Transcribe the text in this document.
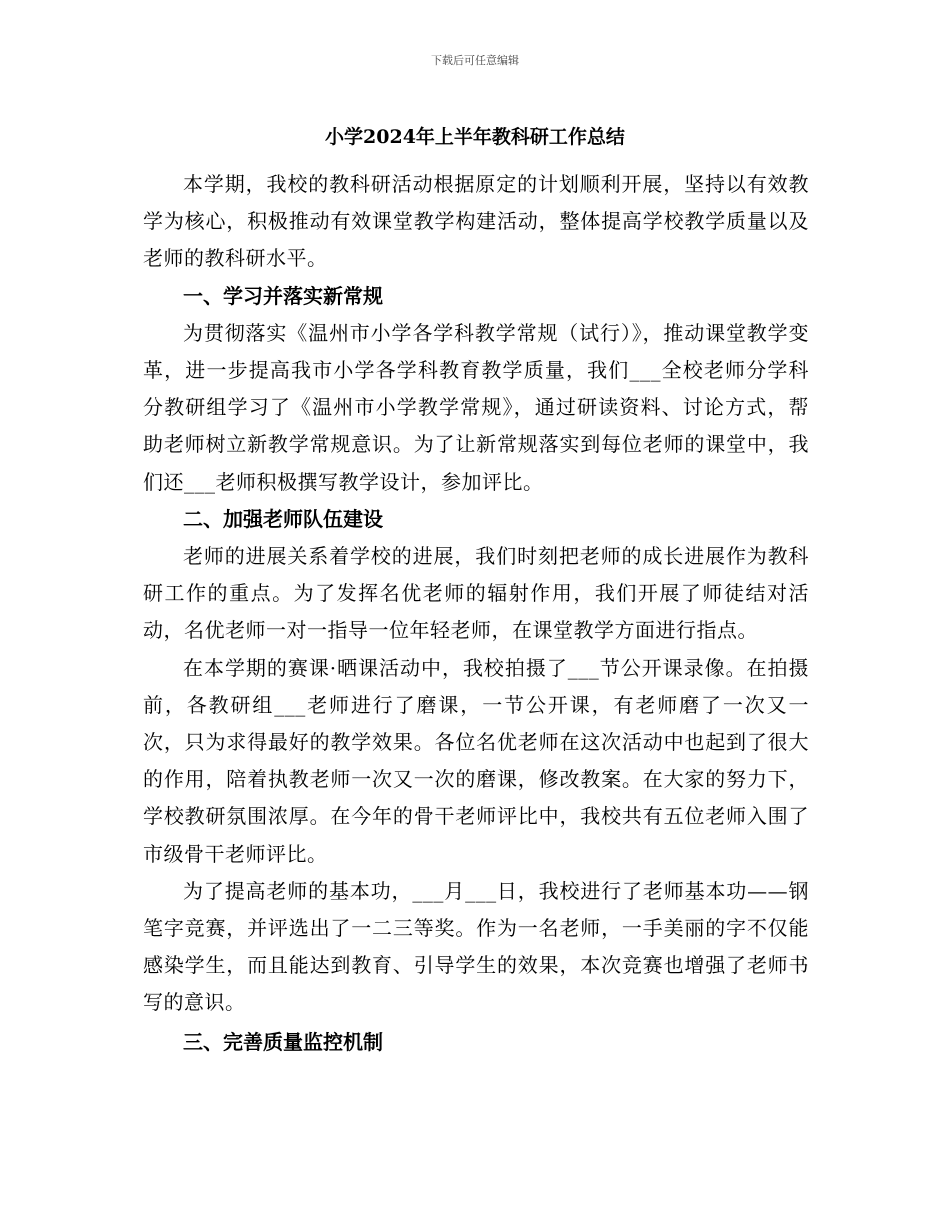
下载后可任意编辑
小学2024年上半年教科研工作总结

本学期，我校的教科研活动根据原定的计划顺利开展，坚持以有效教学为核心，积极推动有效课堂教学构建活动，整体提高学校教学质量以及老师的教科研水平。

一、学习并落实新常规

为贯彻落实《温州市小学各学科教学常规（试行）》，推动课堂教学变革，进一步提高我市小学各学科教育教学质量，我们___全校老师分学科分教研组学习了《温州市小学教学常规》，通过研读资料、讨论方式，帮助老师树立新教学常规意识。为了让新常规落实到每位老师的课堂中，我们还___老师积极撰写教学设计，参加评比。

二、加强老师队伍建设

老师的进展关系着学校的进展，我们时刻把老师的成长进展作为教科研工作的重点。为了发挥名优老师的辐射作用，我们开展了师徒结对活动，名优老师一对一指导一位年轻老师，在课堂教学方面进行指点。

在本学期的赛课·晒课活动中，我校拍摄了___节公开课录像。在拍摄前，各教研组___老师进行了磨课，一节公开课，有老师磨了一次又一次，只为求得最好的教学效果。各位名优老师在这次活动中也起到了很大的作用，陪着执教老师一次又一次的磨课，修改教案。在大家的努力下，学校教研氛围浓厚。在今年的骨干老师评比中，我校共有五位老师入围了市级骨干老师评比。

为了提高老师的基本功，___月___日，我校进行了老师基本功——钢笔字竞赛，并评选出了一二三等奖。作为一名老师，一手美丽的字不仅能感染学生，而且能达到教育、引导学生的效果，本次竞赛也增强了老师书写的意识。

三、完善质量监控机制
